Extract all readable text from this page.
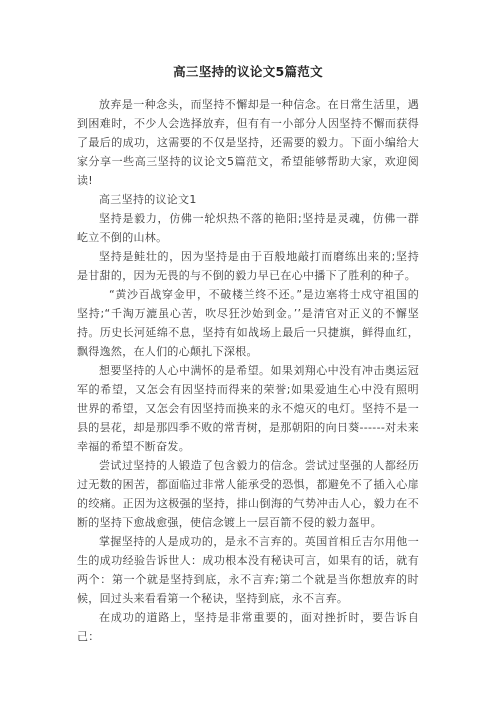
高三坚持的议论文5篇范文

放弃是一种念头，而坚持不懈却是一种信念。在日常生活里，遇到困难时，不少人会选择放弃，但有有一小部分人因坚持不懈而获得了最后的成功，这需要的不仅是坚持，还需要的毅力。下面小编给大家分享一些高三坚持的议论文5篇范文，希望能够帮助大家，欢迎阅读!

高三坚持的议论文1

坚持是毅力，仿佛一轮炽热不落的艳阳;坚持是灵魂，仿佛一群屹立不倒的山林。

坚持是鲑壮的，因为坚持是由于百般地敲打而磨练出来的;坚持是甘甜的，因为无畏的与不倒的毅力早已在心中播下了胜利的种子。

“黄沙百战穿金甲，不破楼兰终不还。”是边塞将士戍守祖国的坚持;“千淘万漉虽心苦，吹尽狂沙始到金。’’是清官对正义的不懈坚持。历史长河延绵不息，坚持有如战场上最后一只捷旗，鲜得血红，飘得逸然，在人们的心颠扎下深根。

想要坚持的人心中满怀的是希望。如果刘翔心中没有冲击奥运冠军的希望，又怎会有因坚持而得来的荣誉;如果爱迪生心中没有照明世界的希望，又怎会有因坚持而换来的永不熄灭的电灯。坚持不是一县的昙花，却是那四季不败的常青树，是那朝阳的向日葵------对未来幸福的希望不断奋发。

尝试过坚持的人锻造了包含毅力的信念。尝试过坚强的人都经历过无数的困苦，都面临过非常人能承受的恐惧，都避免不了插入心扉的绞痛。正因为这极强的坚持，排山倒海的气势冲击人心，毅力在不断的坚持下愈战愈强，使信念镀上一层百箭不侵的毅力盔甲。

掌握坚持的人是成功的，是永不言弃的。英国首相丘吉尔用他一生的成功经验告诉世人：成功根本没有秘诀可言，如果有的话，就有两个：第一个就是坚持到底，永不言弃;第二个就是当你想放弃的时候，回过头来看看第一个秘诀，坚持到底，永不言弃。

在成功的道路上，坚持是非常重要的，面对挫折时，要告诉自己：
